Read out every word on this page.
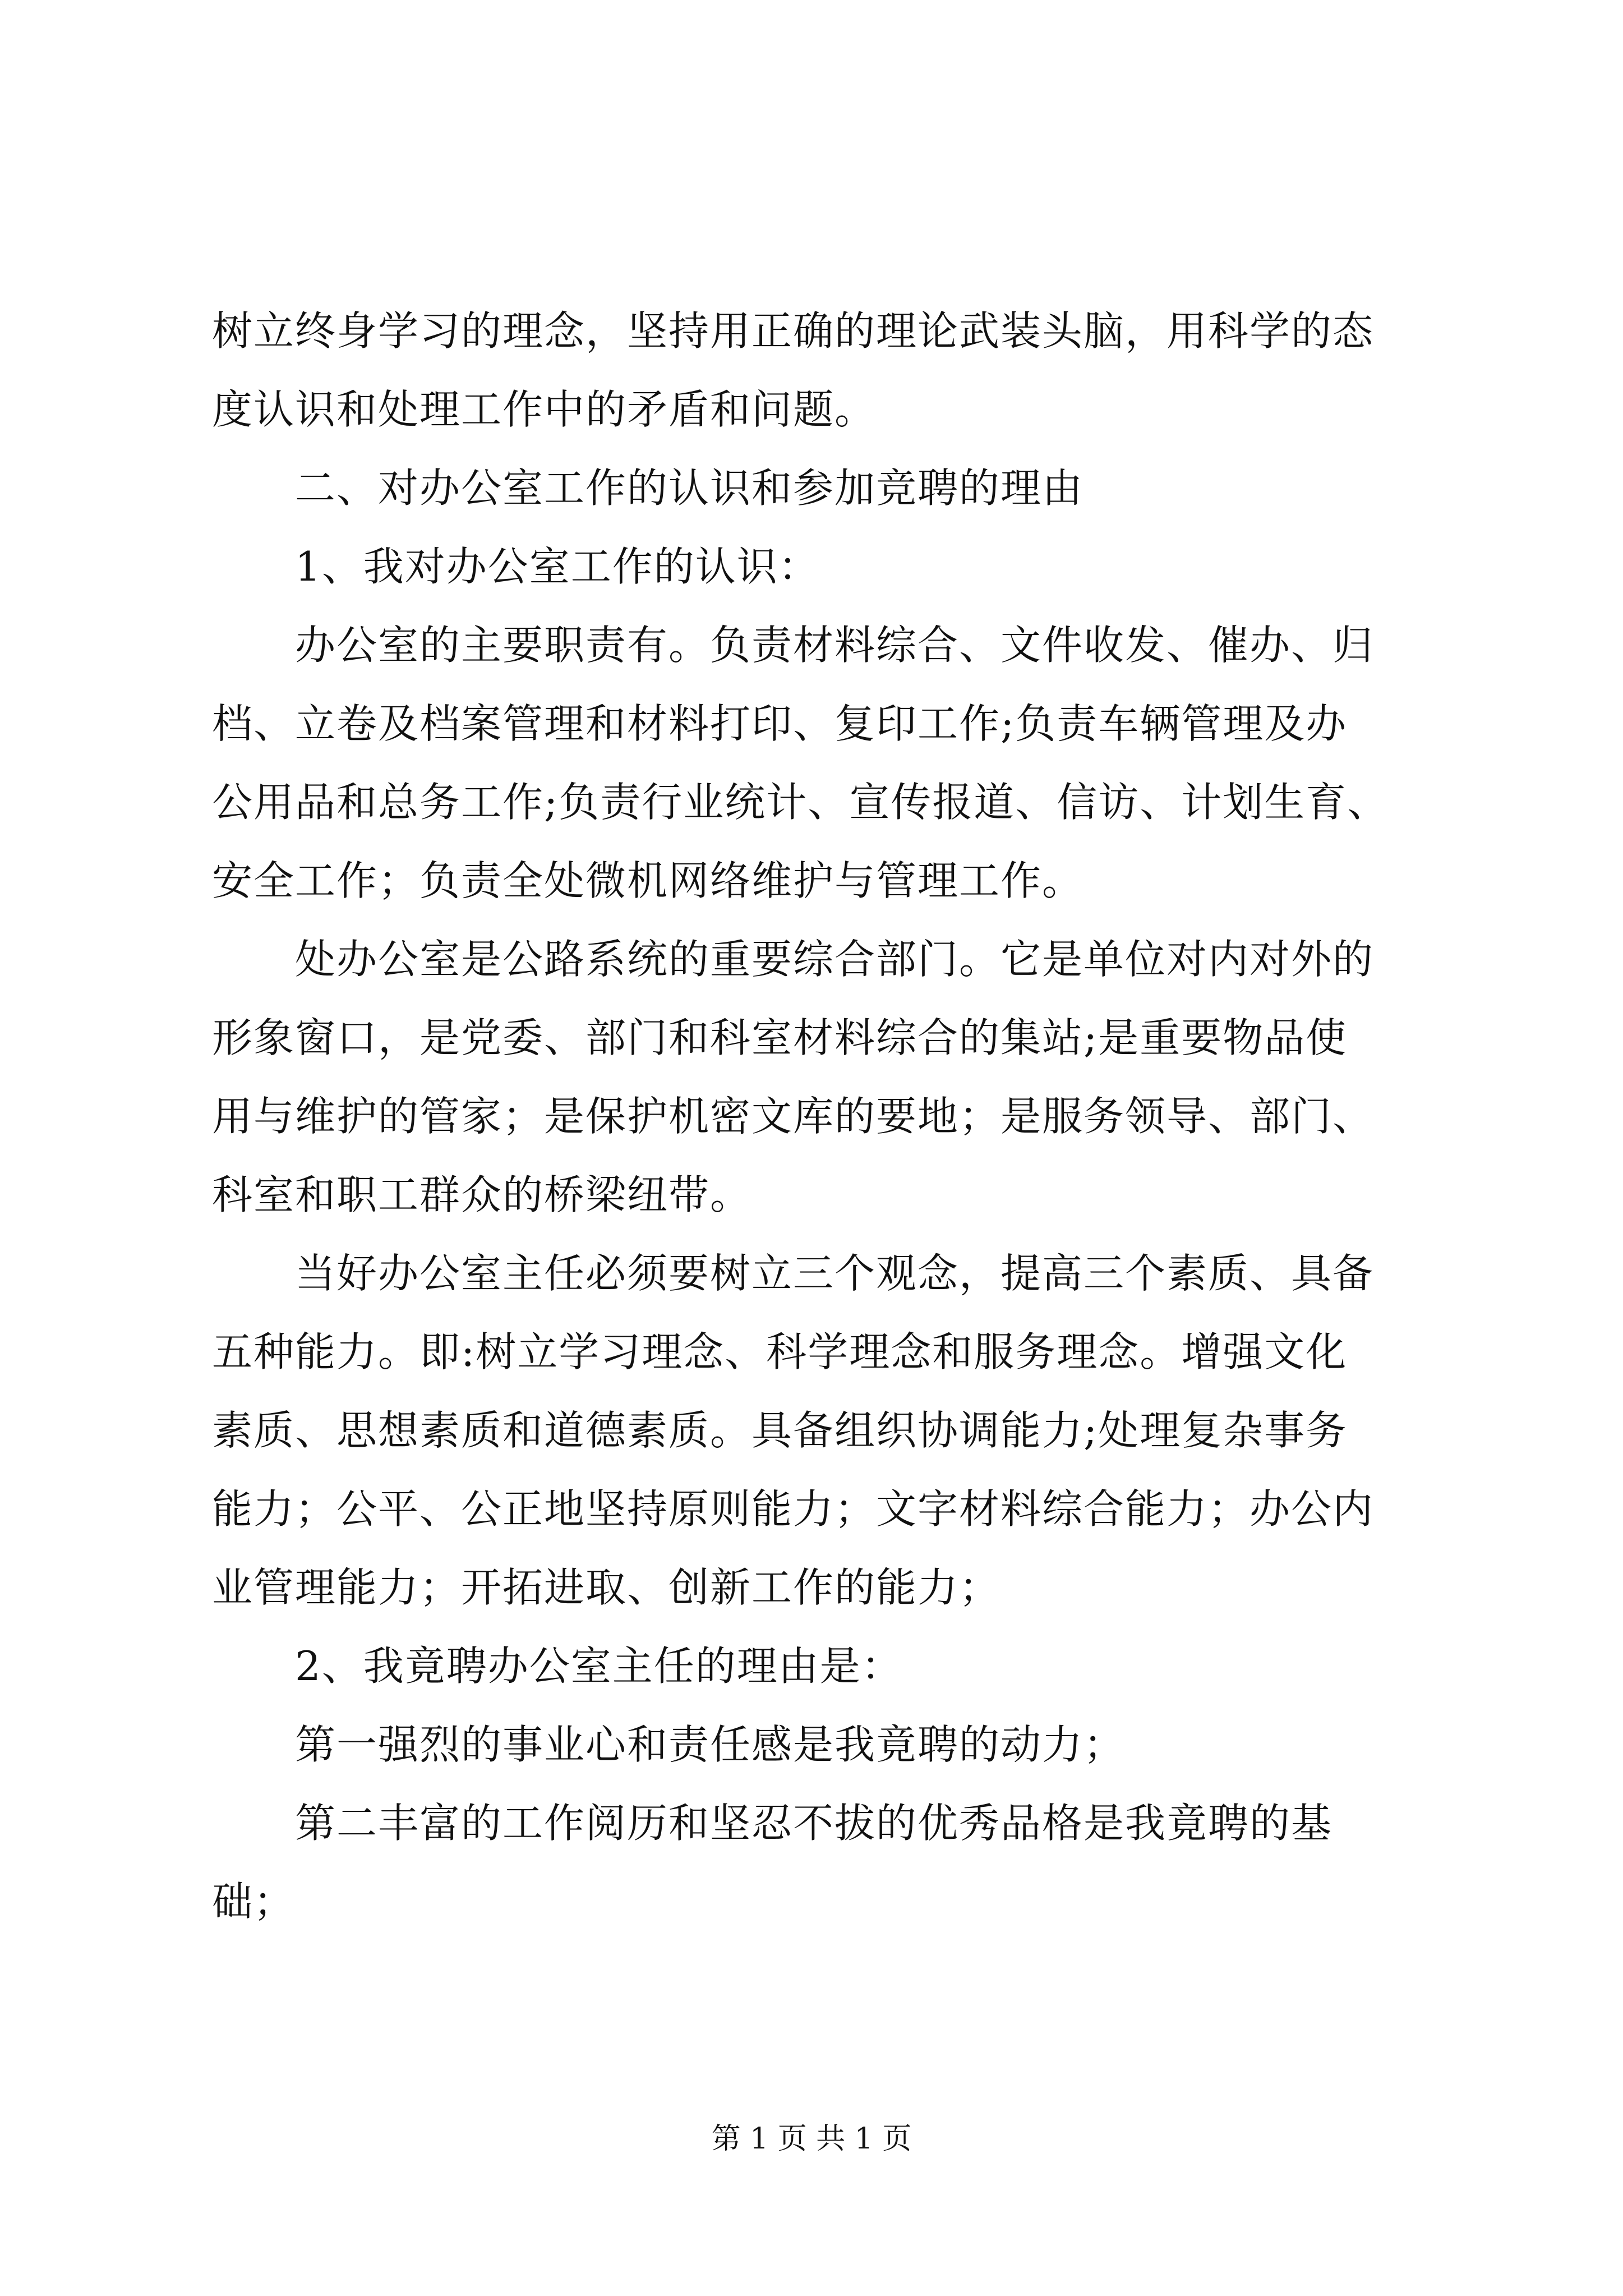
树立终身学习的理念，坚持用正确的理论武装头脑，用科学的态
度认识和处理工作中的矛盾和问题。
二、对办公室工作的认识和参加竞聘的理由
1、我对办公室工作的认识：
办公室的主要职责有。负责材料综合、文件收发、催办、归
档、立卷及档案管理和材料打印、复印工作;负责车辆管理及办
公用品和总务工作;负责行业统计、宣传报道、信访、计划生育、
安全工作；负责全处微机网络维护与管理工作。
处办公室是公路系统的重要综合部门。它是单位对内对外的
形象窗口，是党委、部门和科室材料综合的集站;是重要物品使
用与维护的管家；是保护机密文库的要地；是服务领导、部门、
科室和职工群众的桥梁纽带。
当好办公室主任必须要树立三个观念，提高三个素质、具备
五种能力。即:树立学习理念、科学理念和服务理念。增强文化
素质、思想素质和道德素质。具备组织协调能力;处理复杂事务
能力；公平、公正地坚持原则能力；文字材料综合能力；办公内
业管理能力；开拓进取、创新工作的能力；
2、我竟聘办公室主任的理由是：
第一强烈的事业心和责任感是我竟聘的动力；
第二丰富的工作阅历和坚忍不拔的优秀品格是我竟聘的基
础；
第 1 页 共 1 页
